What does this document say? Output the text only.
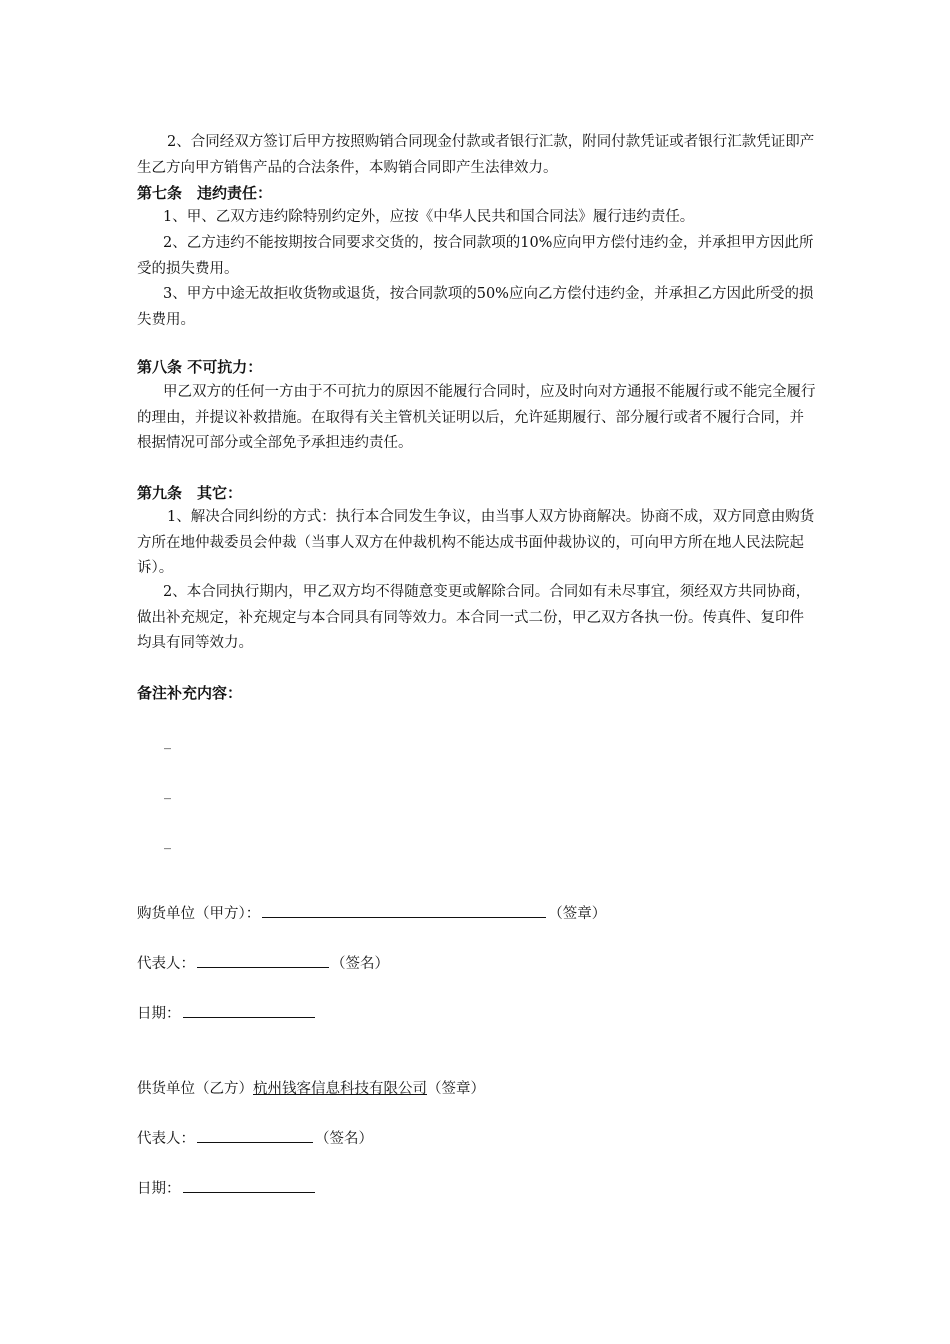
2、合同经双方签订后甲方按照购销合同现金付款或者银行汇款，附同付款凭证或者银行汇款凭证即产生乙方向甲方销售产品的合法条件，本购销合同即产生法律效力。

第七条　违约责任：

1、甲、乙双方违约除特别约定外，应按《中华人民共和国合同法》履行违约责任。

2、乙方违约不能按期按合同要求交货的，按合同款项的10%应向甲方偿付违约金，并承担甲方因此所受的损失费用。

3、甲方中途无故拒收货物或退货，按合同款项的50%应向乙方偿付违约金，并承担乙方因此所受的损失费用。

第八条 不可抗力：

甲乙双方的任何一方由于不可抗力的原因不能履行合同时，应及时向对方通报不能履行或不能完全履行的理由，并提议补救措施。在取得有关主管机关证明以后，允许延期履行、部分履行或者不履行合同，并根据情况可部分或全部免予承担违约责任。

第九条　其它：

1、解决合同纠纷的方式：执行本合同发生争议，由当事人双方协商解决。协商不成，双方同意由购货方所在地仲裁委员会仲裁（当事人双方在仲裁机构不能达成书面仲裁协议的，可向甲方所在地人民法院起诉）。

2、本合同执行期内，甲乙双方均不得随意变更或解除合同。合同如有未尽事宜，须经双方共同协商，做出补充规定，补充规定与本合同具有同等效力。本合同一式二份，甲乙双方各执一份。传真件、复印件均具有同等效力。

备注补充内容：

_
_
_
购货单位（甲方）：	（签章）
代表人：	（签名）
日期：
供货单位（乙方）杭州钱客信息科技有限公司（签章）
代表人：	（签名）
日期：
